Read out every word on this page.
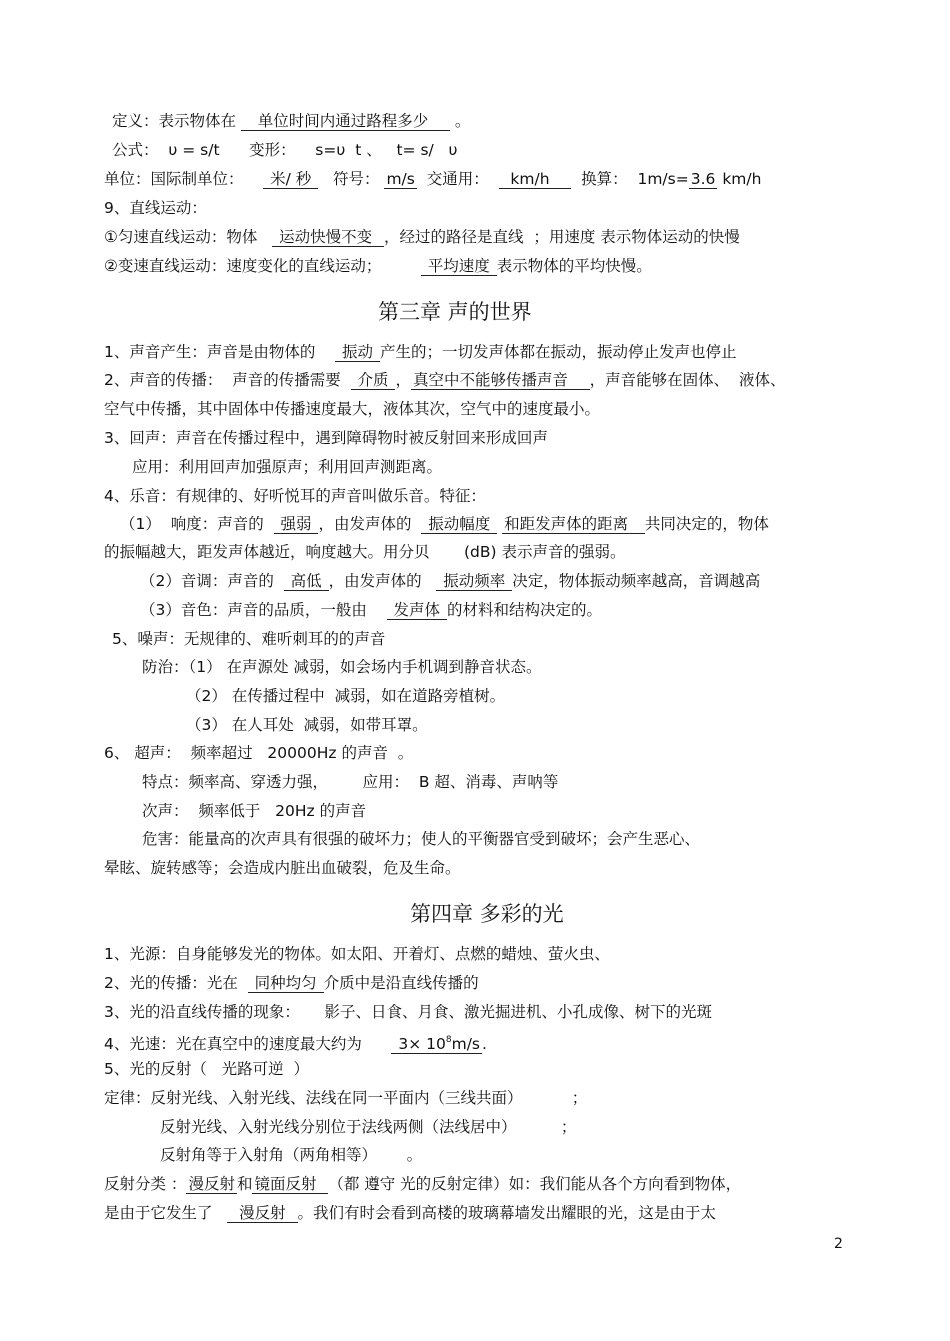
定义：表示物体在    单位时间内通过路程多少     。
公式：  υ = s/t      变形：    s=υ  t 、   t= s/   υ
单位：国际制单位：     米/ 秒    符号： m/s  交通用：    km/h      换算：  1m/s= 3.6 km/h
9、直线运动：
①匀速直线运动：物体    运动快慢不变  ，经过的路径是直线  ；用速度 表示物体运动的快慢
②变速直线运动：速度变化的直线运动；         平均速度 表示物体的平均快慢。
第三章 声的世界
1、声音产生：声音是由物体的     振动 产生的；一切发声体都在振动，振动停止发声也停止
2、声音的传播：  声音的传播需要   介质 ， 真空中不能够传播声音    ，声音能够在固体、  液体、
空气中传播，其中固体中传播速度最大，液体其次，空气中的速度最小。
3、回声：声音在传播过程中，遇到障碍物时被反射回来形成回声
应用：利用回声加强原声；利用回声测距离。
4、乐音：有规律的、好听悦耳的声音叫做乐音。特征：
（1）  响度：声音的   强弱 ，由发声体的   振动幅度  和距发声体的距离   共同决定的，物体
的振幅越大，距发声体越近，响度越大。用分贝       (dB) 表示声音的强弱。
（2）音调：声音的   高低 ，由发声体的    振动频率 决定，物体振动频率越高，音调越高
（3）音色：声音的品质，一般由     发声体 的材料和结构决定的。
5、噪声：无规律的、难听刺耳的的声音
防治：（1） 在声源处 减弱，如会场内手机调到静音状态。
（2） 在传播过程中  减弱，如在道路旁植树。
（3） 在人耳处  减弱，如带耳罩。
6、 超声：  频率超过   20000Hz 的声音  。
特点：频率高、穿透力强，       应用：  B 超、消毒、声呐等
次声：  频率低于   20Hz 的声音
危害：能量高的次声具有很强的破坏力；使人的平衡器官受到破坏；会产生恶心、
晕眩、旋转感等；会造成内脏出血破裂，危及生命。
第四章 多彩的光
1、光源：自身能够发光的物体。如太阳、开着灯、点燃的蜡烛、萤火虫、
2、光的传播：光在   同种均匀 介质中是沿直线传播的
3、光的沿直线传播的现象：     影子、日食、月食、激光掘进机、小孔成像、树下的光斑
4、光速：光在真空中的速度最大约为       $3\times 10^8m/s$ .
5、光的反射（   光路可逆  ）
定律：反射光线、入射光线、法线在同一平面内（三线共面）          ；
反射光线、入射光线分别位于法线两侧（法线居中）         ；
反射角等于入射角（两角相等）      。
反射分类 ： 漫反射 和 镜面反射  （都 遵守 光的反射定律）如：我们能从各个方向看到物体，
是由于它发生了     漫反射  。我们有时会看到高楼的玻璃幕墙发出耀眼的光，这是由于太
2
